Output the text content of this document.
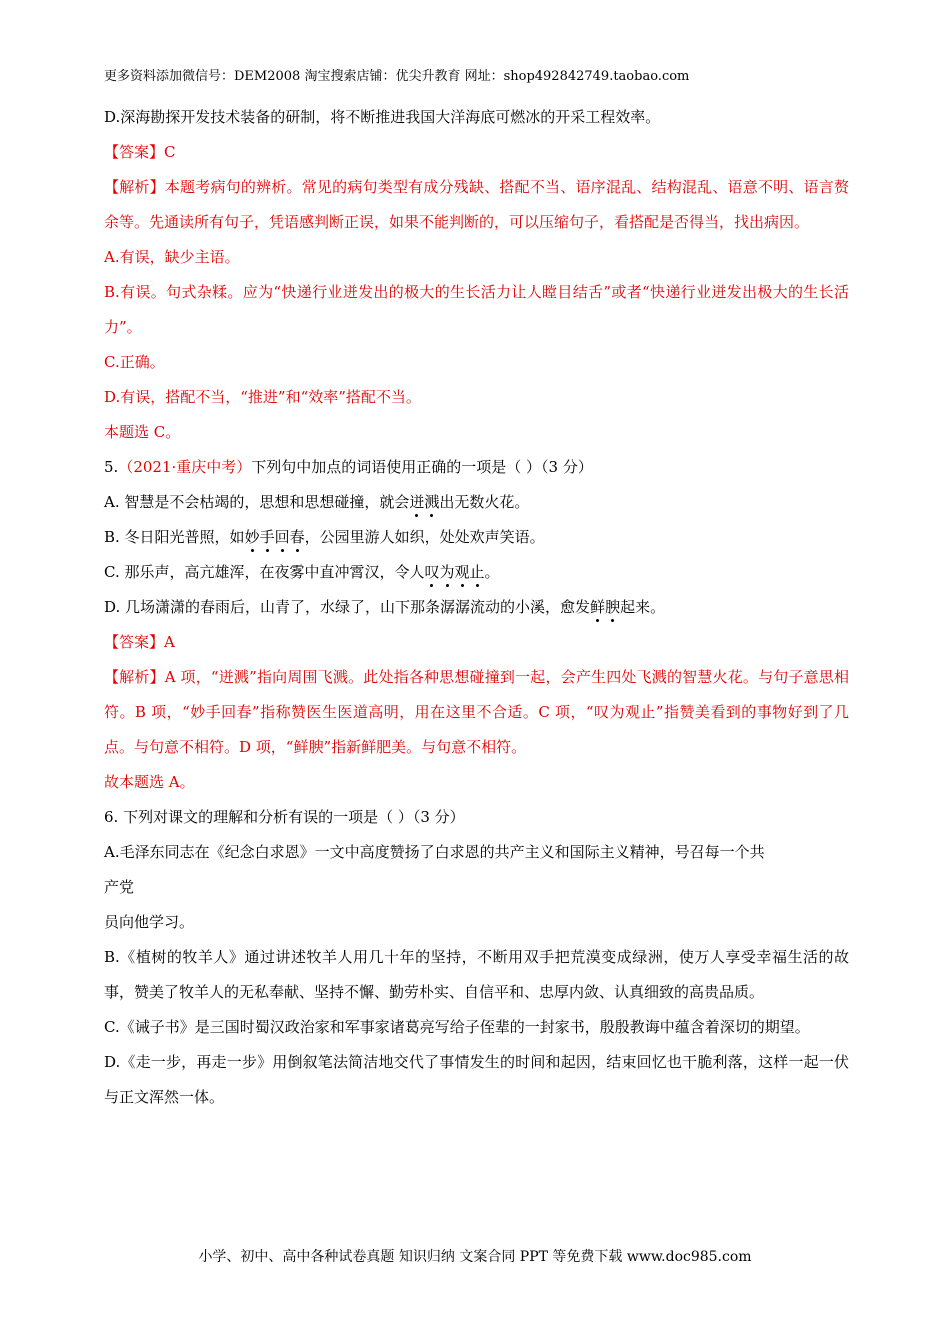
更多资料添加微信号：DEM2008 淘宝搜索店铺：优尖升教育 网址：shop492842749.taobao.com

D.深海勘探开发技术装备的研制，将不断推进我国大洋海底可燃冰的开采工程效率。

【答案】C

【解析】本题考病句的辨析。常见的病句类型有成分残缺、搭配不当、语序混乱、结构混乱、语意不明、语言赘余等。先通读所有句子，凭语感判断正误，如果不能判断的，可以压缩句子，看搭配是否得当，找出病因。

A.有误，缺少主语。

B.有误。句式杂糅。应为“快递行业迸发出的极大的生长活力让人瞠目结舌”或者“快递行业迸发出极大的生长活力”。

C.正确。

D.有误，搭配不当，“推进”和“效率”搭配不当。

本题选 C。

5.（2021·重庆中考）下列句中加点的词语使用正确的一项是（ ）（3 分）

A. 智慧是不会枯竭的，思想和思想碰撞，就会迸溅出无数火花。

B. 冬日阳光普照，如妙手回春，公园里游人如织，处处欢声笑语。

C. 那乐声，高亢雄浑，在夜雾中直冲霄汉，令人叹为观止。

D. 几场潇潇的春雨后，山青了，水绿了，山下那条潺潺流动的小溪，愈发鲜腴起来。

【答案】A

【解析】A 项，“迸溅”指向周围飞溅。此处指各种思想碰撞到一起，会产生四处飞溅的智慧火花。与句子意思相符。B 项，“妙手回春”指称赞医生医道高明，用在这里不合适。C 项，“叹为观止”指赞美看到的事物好到了几点。与句意不相符。D 项，“鲜腴”指新鲜肥美。与句意不相符。

故本题选 A。

6. 下列对课文的理解和分析有误的一项是（ ）（3 分）

A.毛泽东同志在《纪念白求恩》一文中高度赞扬了白求恩的共产主义和国际主义精神，号召每一个共

产党

员向他学习。

B.《植树的牧羊人》通过讲述牧羊人用几十年的坚持，不断用双手把荒漠变成绿洲，使万人享受幸福生活的故事，赞美了牧羊人的无私奉献、坚持不懈、勤劳朴实、自信平和、忠厚内敛、认真细致的高贵品质。

C.《诫子书》是三国时蜀汉政治家和军事家诸葛亮写给子侄辈的一封家书，殷殷教诲中蕴含着深切的期望。

D.《走一步，再走一步》用倒叙笔法简洁地交代了事情发生的时间和起因，结束回忆也干脆利落，这样一起一伏与正文浑然一体。

小学、初中、高中各种试卷真题 知识归纳 文案合同 PPT 等免费下载 www.doc985.com
